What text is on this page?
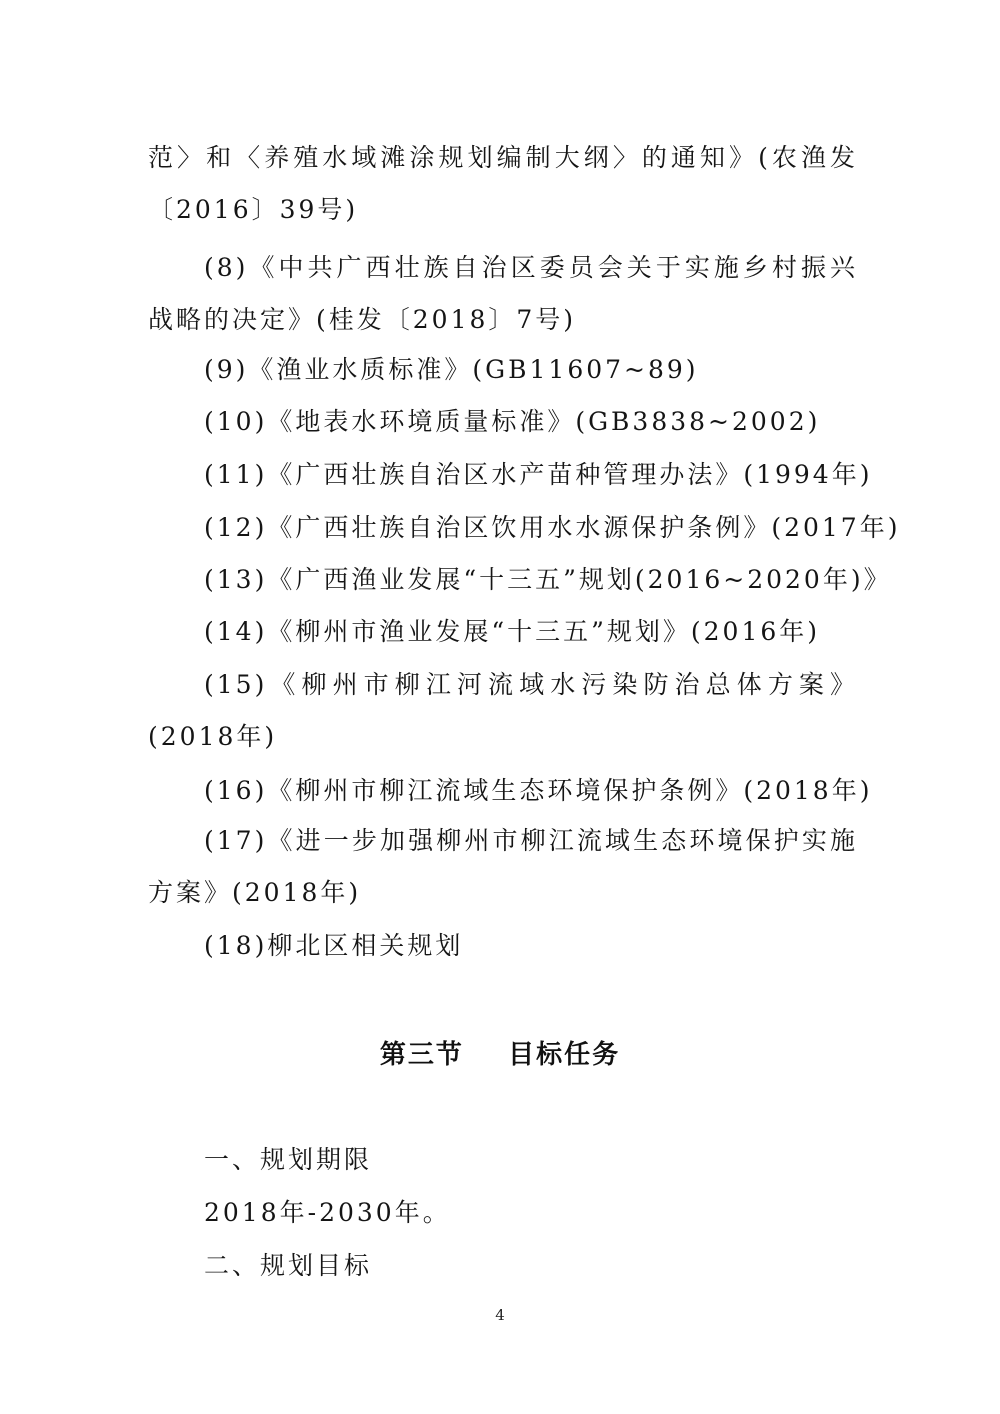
范〉和〈养殖水域滩涂规划编制大纲〉的通知》(农渔发〔2016〕39号)
(8)《中共广西壮族自治区委员会关于实施乡村振兴战略的决定》(桂发〔2018〕7号)
(9)《渔业水质标准》(GB11607~89)
(10)《地表水环境质量标准》(GB3838~2002)
(11)《广西壮族自治区水产苗种管理办法》(1994年)
(12)《广西壮族自治区饮用水水源保护条例》(2017年)
(13)《广西渔业发展“十三五”规划(2016~2020年)》
(14)《柳州市渔业发展“十三五”规划》(2016年)
(15)《柳州市柳江河流域水污染防治总体方案》(2018年)
(16)《柳州市柳江流域生态环境保护条例》(2018年)
(17)《进一步加强柳州市柳江流域生态环境保护实施方案》(2018年)
(18)柳北区相关规划
第三节    目标任务
一、规划期限
2018年-2030年。
二、规划目标
4
